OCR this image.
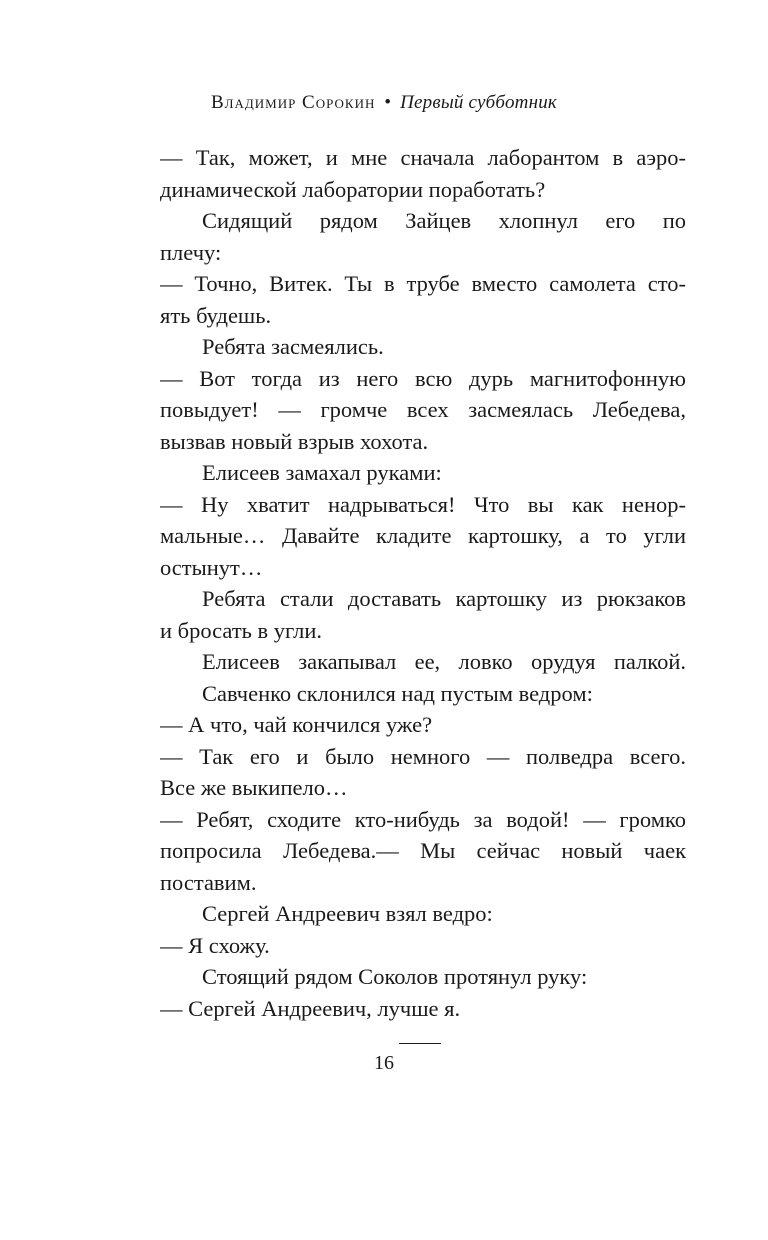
Владимир Сорокин • Первый субботник
— Так, может, и мне сначала лаборантом в аэро-
динамической лаборатории поработать?
Сидящий рядом Зайцев хлопнул его по
плечу:
— Точно, Витек. Ты в трубе вместо самолета сто-
ять будешь.
Ребята засмеялись.
— Вот тогда из него всю дурь магнитофонную
повыдует! — громче всех засмеялась Лебедева,
вызвав новый взрыв хохота.
Елисеев замахал руками:
— Ну хватит надрываться! Что вы как ненор-
мальные… Давайте кладите картошку, а то угли
остынут…
Ребята стали доставать картошку из рюкзаков
и бросать в угли.
Елисеев закапывал ее, ловко орудуя палкой.
Савченко склонился над пустым ведром:
— А что, чай кончился уже?
— Так его и было немного — полведра всего.
Все же выкипело…
— Ребят, сходите кто-нибудь за водой! — громко
попросила Лебедева.— Мы сейчас новый чаек
поставим.
Сергей Андреевич взял ведро:
— Я схожу.
Стоящий рядом Соколов протянул руку:
— Сергей Андреевич, лучше я.
16
